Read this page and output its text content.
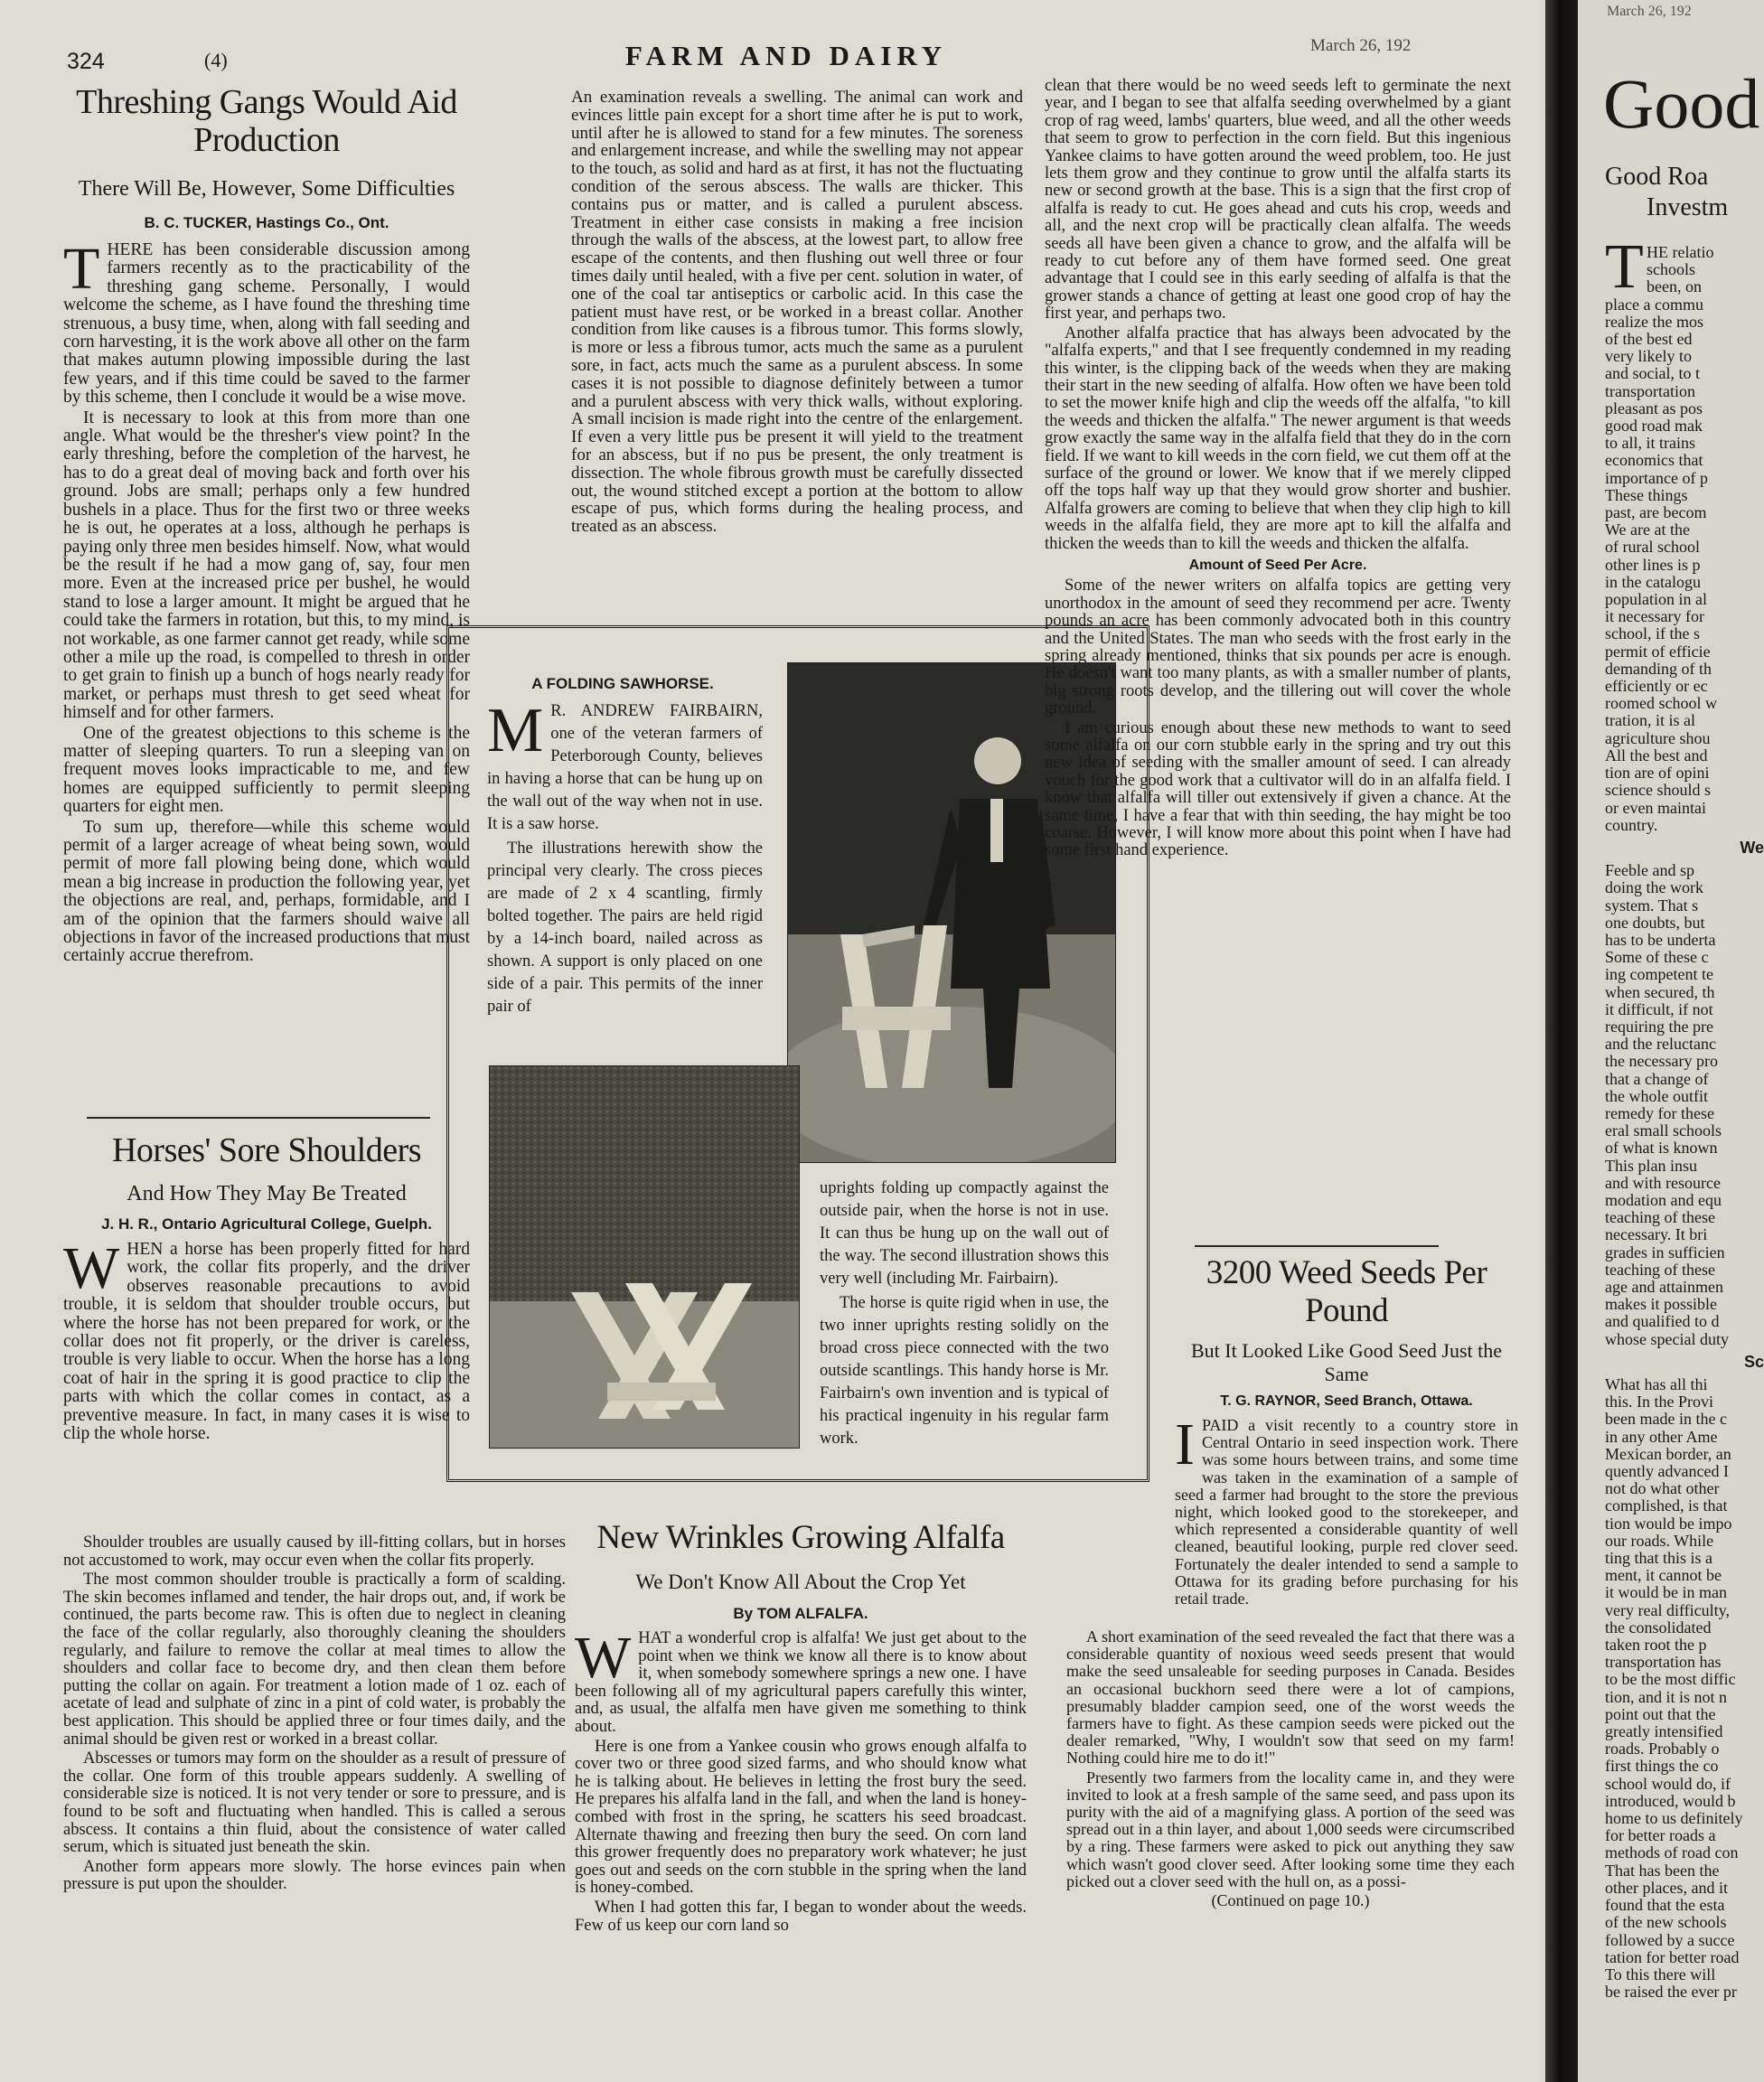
324	(4)	FARM AND DAIRY	March 26, 192
Threshing Gangs Would Aid Production
There Will Be, However, Some Difficulties
B. C. TUCKER, Hastings Co., Ont.
T HERE has been considerable discussion among farmers recently as to the practicability of the threshing gang scheme. Personally, I would welcome the scheme, as I have found the threshing time strenuous, a busy time, when, along with fall seeding and corn harvesting, it is the work above all other on the farm that makes autumn plowing impossible during the last few years, and if this time could be saved to the farmer by this scheme, then I conclude it would be a wise move.

It is necessary to look at this from more than one angle. What would be the thresher's view point? In the early threshing, before the completion of the harvest, he has to do a great deal of moving back and forth over his ground. Jobs are small; perhaps only a few hundred bushels in a place. Thus for the first two or three weeks he is out, he operates at a loss, although he perhaps is paying only three men besides himself. Now, what would be the result if he had a mow gang of, say, four men more. Even at the increased price per bushel, he would stand to lose a larger amount. It might be argued that he could take the farmers in rotation, but this, to my mind, is not workable, as one farmer cannot get ready, while some other a mile up the road, is compelled to thresh in order to get grain to finish up a bunch of hogs nearly ready for market, or perhaps must thresh to get seed wheat for himself and for other farmers.

One of the greatest objections to this scheme is the matter of sleeping quarters. To run a sleeping van on frequent moves looks impracticable to me, and few homes are equipped sufficiently to permit sleeping quarters for eight men.

To sum up, therefore—while this scheme would permit of a larger acreage of wheat being sown, would permit of more fall plowing being done, which would mean a big increase in production the following year, yet the objections are real, and, perhaps, formidable, and I am of the opinion that the farmers should waive all objections in favor of the increased productions that must certainly accrue therefrom.

Horses' Sore Shoulders
And How They May Be Treated
J. H. R., Ontario Agricultural College, Guelph.
W HEN a horse has been properly fitted for hard work, the collar fits properly, and the driver observes reasonable precautions to avoid trouble, it is seldom that shoulder trouble occurs, but where the horse has not been prepared for work, or the collar does not fit properly, or the driver is careless, trouble is very liable to occur. When the horse has a long coat of hair in the spring it is good practice to clip the parts with which the collar comes in contact, as a preventive measure. In fact, in many cases it is wise to clip the whole horse.

Shoulder troubles are usually caused by ill-fitting collars, but in horses not accustomed to work, may occur even when the collar fits properly.

The most common shoulder trouble is practically a form of scalding. The skin becomes inflamed and tender, the hair drops out, and, if work be continued, the parts become raw. This is often due to neglect in cleaning the face of the collar regularly, also thoroughly cleaning the shoulders regularly, and failure to remove the collar at meal times to allow the shoulders and collar face to become dry, and then clean them before putting the collar on again. For treatment a lotion made of 1 oz. each of acetate of lead and sulphate of zinc in a pint of cold water, is probably the best application. This should be applied three or four times daily, and the animal should be given rest or worked in a breast collar.

Abscesses or tumors may form on the shoulder as a result of pressure of the collar. One form of this trouble appears suddenly. A swelling of considerable size is noticed. It is not very tender or sore to pressure, and is found to be soft and fluctuating when handled. This is called a serous abscess. It contains a thin fluid, about the consistence of water called serum, which is situated just beneath the skin.

Another form appears more slowly. The horse evinces pain when pressure is put upon the shoulder.

An examination reveals a swelling. The animal can work and evinces little pain except for a short time after he is put to work, until after he is allowed to stand for a few minutes. The soreness and enlargement increase, and while the swelling may not appear to the touch, as solid and hard as at first, it has not the fluctuating condition of the serous abscess. The walls are thicker. This contains pus or matter, and is called a purulent abscess. Treatment in either case consists in making a free incision through the walls of the abscess, at the lowest part, to allow free escape of the contents, and then flushing out well three or four times daily until healed, with a five per cent. solution in water, of one of the coal tar antiseptics or carbolic acid. In this case the patient must have rest, or be worked in a breast collar. Another condition from like causes is a fibrous tumor. This forms slowly, is more or less a fibrous tumor, acts much the same as a purulent sore, in fact, acts much the same as a purulent abscess. In some cases it is not possible to diagnose definitely between a tumor and a purulent abscess with very thick walls, without exploring. A small incision is made right into the centre of the enlargement. If even a very little pus be present it will yield to the treatment for an abscess, but if no pus be present, the only treatment is dissection. The whole fibrous growth must be carefully dissected out, the wound stitched except a portion at the bottom to allow escape of pus, which forms during the healing process, and treated as an abscess.

A FOLDING SAWHORSE.
M R. ANDREW FAIRBAIRN, one of the veteran farmers of Peterborough County, believes in having a horse that can be hung up on the wall out of the way when not in use. It is a saw horse.

The illustrations herewith show the principal very clearly. The cross pieces are made of 2 x 4 scantling, firmly bolted together. The pairs are held rigid by a 14-inch board, nailed across as shown. A support is only placed on one side of a pair. This permits of the inner pair of

uprights folding up compactly against the outside pair, when the horse is not in use. It can thus be hung up on the wall out of the way. The second illustration shows this very well (including Mr. Fairbairn).

The horse is quite rigid when in use, the two inner uprights resting solidly on the broad cross piece connected with the two outside scantlings. This handy horse is Mr. Fairbairn's own invention and is typical of his practical ingenuity in his regular farm work.

New Wrinkles Growing Alfalfa
We Don't Know All About the Crop Yet
By TOM ALFALFA.
W HAT a wonderful crop is alfalfa! We just get about to the point when we think we know all there is to know about it, when somebody somewhere springs a new one. I have been following all of my agricultural papers carefully this winter, and, as usual, the alfalfa men have given me something to think about.

Here is one from a Yankee cousin who grows enough alfalfa to cover two or three good sized farms, and who should know what he is talking about. He believes in letting the frost bury the seed. He prepares his alfalfa land in the fall, and when the land is honey-combed with frost in the spring, he scatters his seed broadcast. Alternate thawing and freezing then bury the seed. On corn land this grower frequently does no preparatory work whatever; he just goes out and seeds on the corn stubble in the spring when the land is honey-combed.

When I had gotten this far, I began to wonder about the weeds. Few of us keep our corn land so

clean that there would be no weed seeds left to germinate the next year, and I began to see that alfalfa seeding overwhelmed by a giant crop of rag weed, lambs' quarters, blue weed, and all the other weeds that seem to grow to perfection in the corn field. But this ingenious Yankee claims to have gotten around the weed problem, too. He just lets them grow and they continue to grow until the alfalfa starts its new or second growth at the base. This is a sign that the first crop of alfalfa is ready to cut. He goes ahead and cuts his crop, weeds and all, and the next crop will be practically clean alfalfa. The weeds seeds all have been given a chance to grow, and the alfalfa will be ready to cut before any of them have formed seed. One great advantage that I could see in this early seeding of alfalfa is that the grower stands a chance of getting at least one good crop of hay the first year, and perhaps two.

Another alfalfa practice that has always been advocated by the "alfalfa experts," and that I see frequently condemned in my reading this winter, is the clipping back of the weeds when they are making their start in the new seeding of alfalfa. How often we have been told to set the mower knife high and clip the weeds off the alfalfa, "to kill the weeds and thicken the alfalfa." The newer argument is that weeds grow exactly the same way in the alfalfa field that they do in the corn field. If we want to kill weeds in the corn field, we cut them off at the surface of the ground or lower. We know that if we merely clipped off the tops half way up that they would grow shorter and bushier. Alfalfa growers are coming to believe that when they clip high to kill weeds in the alfalfa field, they are more apt to kill the alfalfa and thicken the weeds than to kill the weeds and thicken the alfalfa.

Amount of Seed Per Acre.

Some of the newer writers on alfalfa topics are getting very unorthodox in the amount of seed they recommend per acre. Twenty pounds an acre has been commonly advocated both in this country and the United States. The man who seeds with the frost early in the spring already mentioned, thinks that six pounds per acre is enough. He doesn't want too many plants, as with a smaller number of plants, big strong roots develop, and the tillering out will cover the whole ground.

I am curious enough about these new methods to want to seed some alfalfa on our corn stubble early in the spring and try out this new idea of seeding with the smaller amount of seed. I can already vouch for the good work that a cultivator will do in an alfalfa field. I know that alfalfa will tiller out extensively if given a chance. At the same time, I have a fear that with thin seeding, the hay might be too coarse. However, I will know more about this point when I have had some first hand experience.

3200 Weed Seeds Per Pound
But It Looked Like Good Seed Just the Same
T. G. RAYNOR, Seed Branch, Ottawa.
I PAID a visit recently to a country store in Central Ontario in seed inspection work. There was some hours between trains, and some time was taken in the examination of a sample of seed a farmer had brought to the store the previous night, which looked good to the storekeeper, and which represented a considerable quantity of well cleaned, beautiful looking, purple red clover seed. Fortunately the dealer intended to send a sample to Ottawa for its grading before purchasing for his retail trade.

A short examination of the seed revealed the fact that there was a considerable quantity of noxious weed seeds present that would make the seed unsaleable for seeding purposes in Canada. Besides an occasional buckhorn seed there were a lot of campions, presumably bladder campion seed, one of the worst weeds the farmers have to fight. As these campion seeds were picked out the dealer remarked, "Why, I wouldn't sow that seed on my farm! Nothing could hire me to do it!"

Presently two farmers from the locality came in, and they were invited to look at a fresh sample of the same seed, and pass upon its purity with the aid of a magnifying glass. A portion of the seed was spread out in a thin layer, and about 1,000 seeds were circumscribed by a ring. These farmers were asked to pick out anything they saw which wasn't good clover seed. After looking some time they each picked out a clover seed with the hull on, as a possi-

(Continued on page 10.)
March 26, 192
Good
Good Roa
Investm
T HE relatio
schools
been, on
place a commu
realize the mos
of the best ed
very likely to
and social, to t
transportation
pleasant as pos
good road mak
to all, it trains
economics that
importance of p
These things
past, are becom
We are at the
of rural school
other lines is p
in the catalogu
population in al
it necessary for
school, if the s
permit of efficie
demanding of th
efficiently or ec
roomed school w
tration, it is al
agriculture shou
All the best and
tion are of opini
science should s
or even maintai
country.
We
Feeble and sp
doing the work
system. That s
one doubts, but
has to be underta
Some of these c
ing competent te
when secured, th
it difficult, if not
requiring the pre
and the reluctanc
the necessary pro
that a change of
the whole outfit
remedy for these
eral small schools
of what is known
This plan insu
and with resource
modation and equ
teaching of these
necessary. It bri
grades in sufficien
teaching of these
age and attainmen
makes it possible
and qualified to d
whose special duty
Sc
What has all thi
this. In the Provi
been made in the c
in any other Ame
Mexican border, an
quently advanced I
not do what other
complished, is that
tion would be impo
our roads. While
ting that this is a
ment, it cannot be
it would be in man
very real difficulty,
the consolidated
taken root the p
transportation has
to be the most diffic
tion, and it is not n
point out that the
greatly intensified
roads. Probably o
first things the co
school would do, if
introduced, would b
home to us definitely
for better roads a
methods of road con
That has been the
other places, and it
found that the esta
of the new schools
followed by a succe
tation for better road
To this there will
be raised the ever pr
